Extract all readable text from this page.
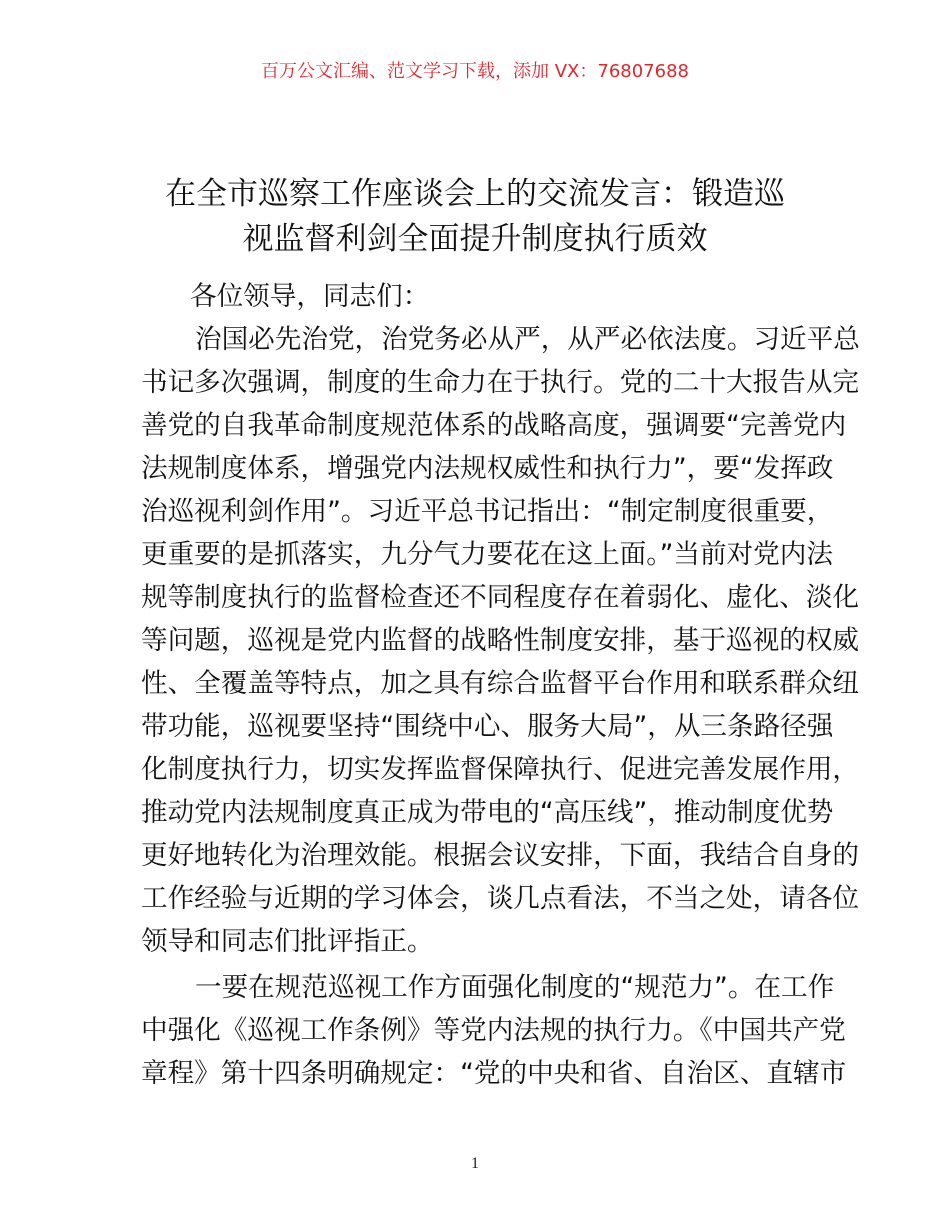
百万公文汇编、范文学习下载，添加 VX：76807688
在全市巡察工作座谈会上的交流发言：锻造巡
视监督利剑全面提升制度执行质效
各位领导，同志们：
治国必先治党，治党务必从严，从严必依法度。习近平总
书记多次强调，制度的生命力在于执行。党的二十大报告从完
善党的自我革命制度规范体系的战略高度，强调要“完善党内
法规制度体系，增强党内法规权威性和执行力”，要“发挥政
治巡视利剑作用”。习近平总书记指出：“制定制度很重要，
更重要的是抓落实，九分气力要花在这上面。”当前对党内法
规等制度执行的监督检查还不同程度存在着弱化、虚化、淡化
等问题，巡视是党内监督的战略性制度安排，基于巡视的权威
性、全覆盖等特点，加之具有综合监督平台作用和联系群众纽
带功能，巡视要坚持“围绕中心、服务大局”，从三条路径强
化制度执行力，切实发挥监督保障执行、促进完善发展作用，
推动党内法规制度真正成为带电的“高压线”，推动制度优势
更好地转化为治理效能。根据会议安排，下面，我结合自身的
工作经验与近期的学习体会，谈几点看法，不当之处，请各位
领导和同志们批评指正。
一要在规范巡视工作方面强化制度的“规范力”。在工作
中强化《巡视工作条例》等党内法规的执行力。《中国共产党
章程》第十四条明确规定：“党的中央和省、自治区、直辖市
1
